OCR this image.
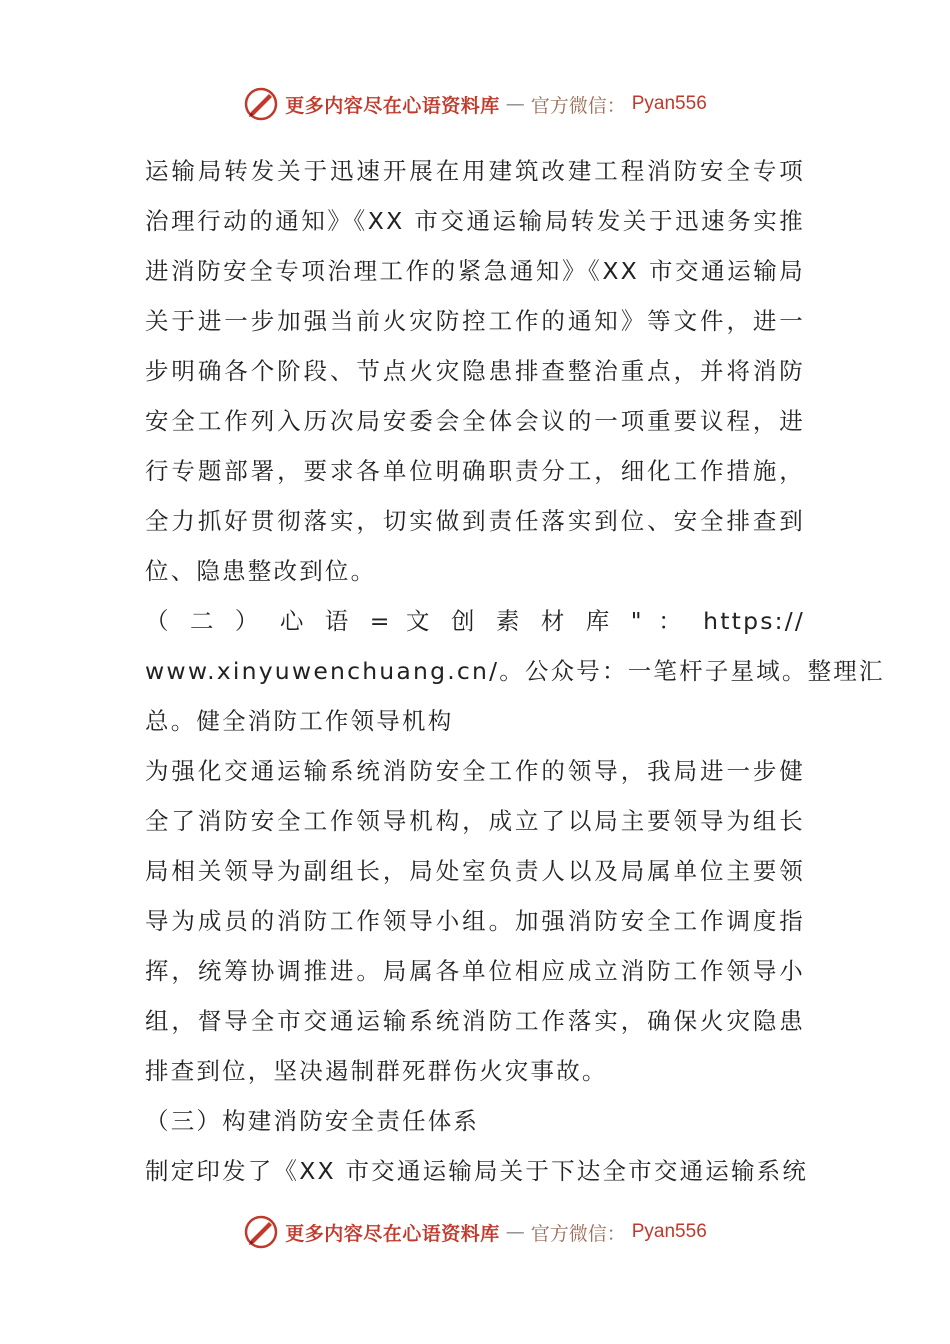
更多内容尽在心语资料库 — 官方微信： Pyan556
运输局转发关于迅速开展在用建筑改建工程消防安全专项
治理行动的通知》《XX 市交通运输局转发关于迅速务实推
进消防安全专项治理工作的紧急通知》《XX 市交通运输局
关于进一步加强当前火灾防控工作的通知》等文件，进一
步明确各个阶段、节点火灾隐患排查整治重点，并将消防
安全工作列入历次局安委会全体会议的一项重要议程，进
行专题部署，要求各单位明确职责分工，细化工作措施，
全力抓好贯彻落实，切实做到责任落实到位、安全排查到
位、隐患整改到位。
（ 二 ） 心 语 = 文 创 素 材 库 " ： https://
www.xinyuwenchuang.cn/。公众号：一笔杆子星域。整理汇
总。健全消防工作领导机构
为强化交通运输系统消防安全工作的领导，我局进一步健
全了消防安全工作领导机构，成立了以局主要领导为组长
局相关领导为副组长，局处室负责人以及局属单位主要领
导为成员的消防工作领导小组。加强消防安全工作调度指
挥，统筹协调推进。局属各单位相应成立消防工作领导小
组，督导全市交通运输系统消防工作落实，确保火灾隐患
排查到位，坚决遏制群死群伤火灾事故。
（三）构建消防安全责任体系
制定印发了《XX 市交通运输局关于下达全市交通运输系统
更多内容尽在心语资料库 — 官方微信： Pyan556
